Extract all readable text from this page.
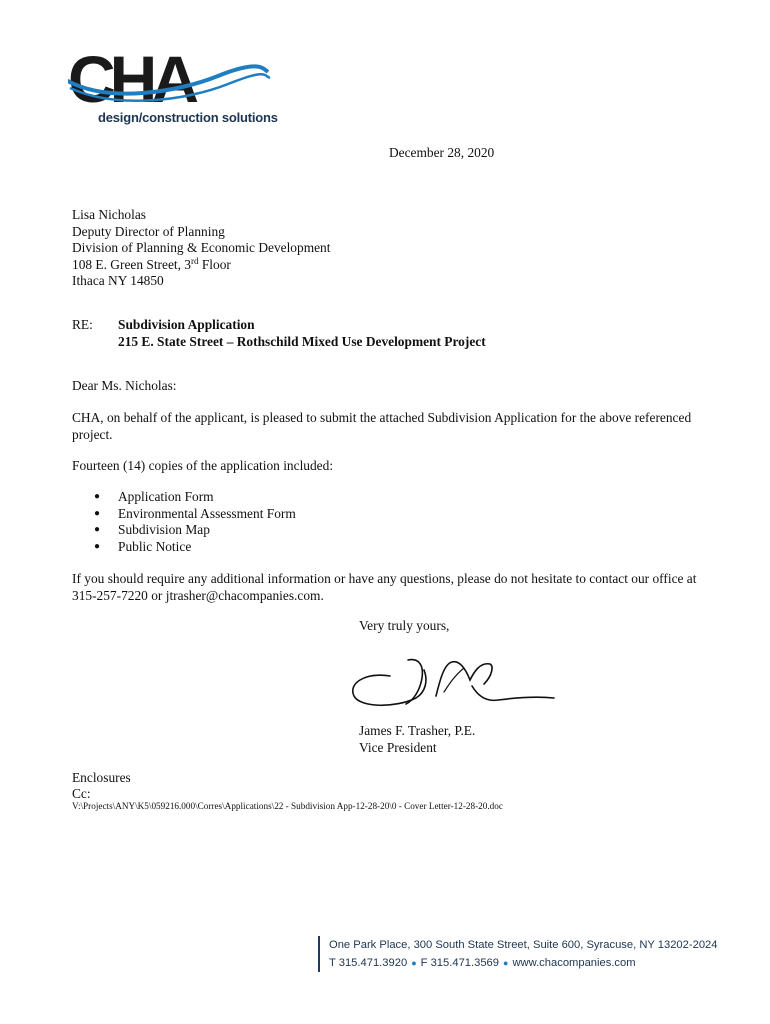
CHA
design/construction solutions
December 28, 2020
Lisa Nicholas
Deputy Director of Planning
Division of Planning & Economic Development
108 E. Green Street, 3rd Floor
Ithaca NY 14850
RE: Subdivision Application
215 E. State Street – Rothschild Mixed Use Development Project
Dear Ms. Nicholas:
CHA, on behalf of the applicant, is pleased to submit the attached Subdivision Application for the above referenced
project.
Fourteen (14) copies of the application included:
● Application Form
● Environmental Assessment Form
● Subdivision Map
● Public Notice
If you should require any additional information or have any questions, please do not hesitate to contact our office at
315-257-7220 or jtrasher@chacompanies.com.
Very truly yours,
James F. Trasher, P.E.
Vice President
Enclosures
Cc:
V:\Projects\ANY\K5\059216.000\Corres\Applications\22 - Subdivision App-12-28-20\0 - Cover Letter-12-28-20.doc
One Park Place, 300 South State Street, Suite 600, Syracuse, NY 13202-2024
T 315.471.3920 ● F 315.471.3569 ● www.chacompanies.com
